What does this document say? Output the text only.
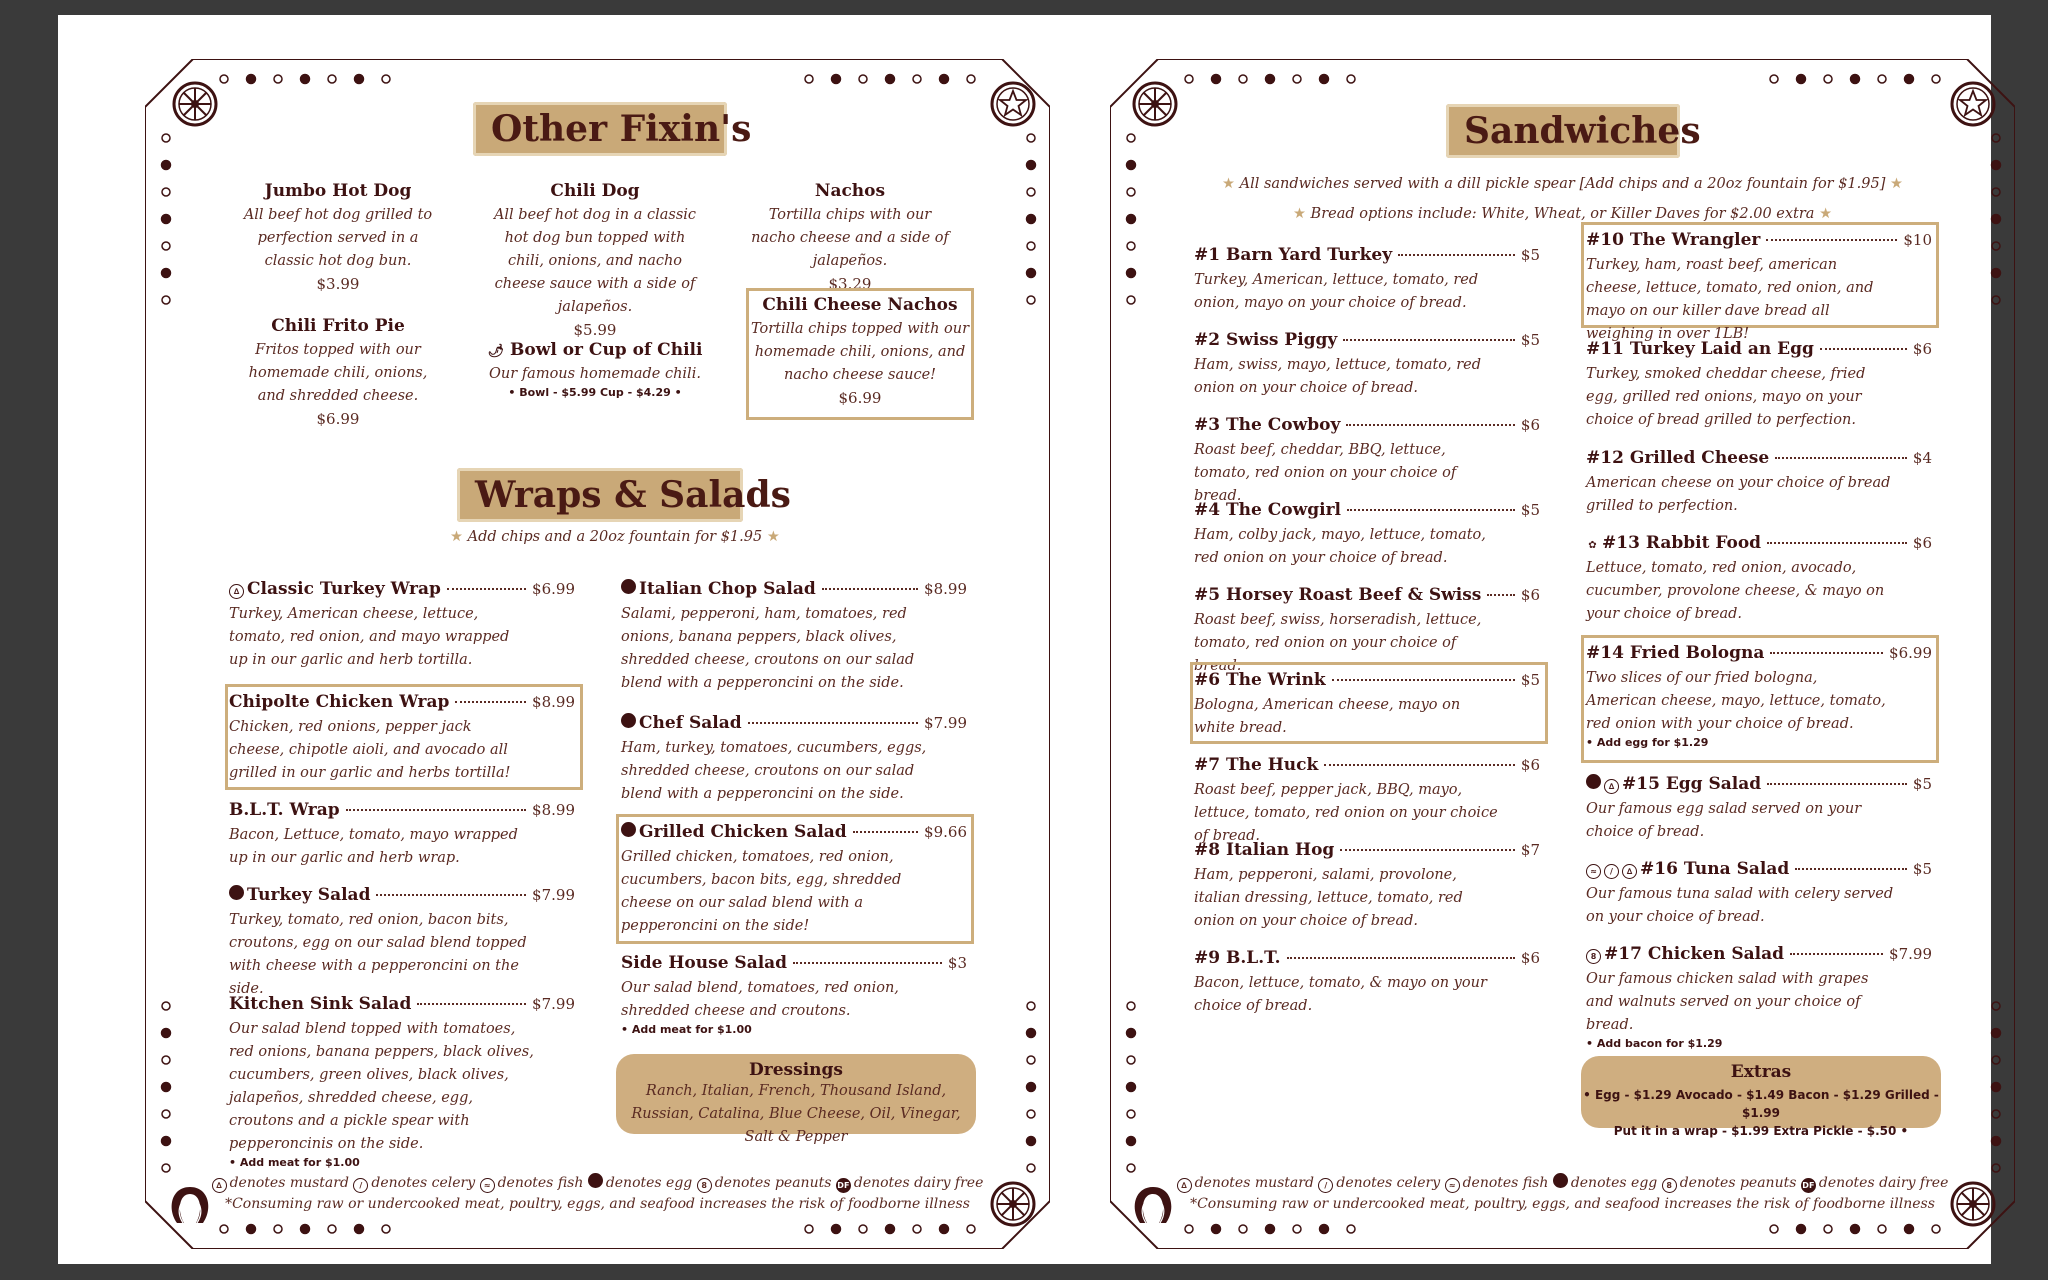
Other Fixin's
Jumbo Hot Dog
All beef hot dog grilled to perfection served in a classic hot dog bun.
$3.99
Chili Frito Pie
Fritos topped with our homemade chili, onions, and shredded cheese.
$6.99
Chili Dog
All beef hot dog in a classic hot dog bun topped with chili, onions, and nacho cheese sauce with a side of jalapeños.
$5.99
🌶 Bowl or Cup of Chili
Our famous homemade chili.
• Bowl - $5.99 Cup - $4.29 •
Nachos
Tortilla chips with our nacho cheese and a side of jalapeños.
$3.29
Chili Cheese Nachos
Tortilla chips topped with our homemade chili, onions, and nacho cheese sauce!
$6.99
Wraps & Salads
★ Add chips and a 20oz fountain for $1.95 ★
∆ Classic Turkey Wrap	$6.99
Turkey, American cheese, lettuce, tomato, red onion, and mayo wrapped up in our garlic and herb tortilla.
Chipolte Chicken Wrap	$8.99
Chicken, red onions, pepper jack cheese, chipotle aioli, and avocado all grilled in our garlic and herbs tortilla!
B.L.T. Wrap	$8.99
Bacon, Lettuce, tomato, mayo wrapped up in our garlic and herb wrap.
Turkey Salad	$7.99
Turkey, tomato, red onion, bacon bits, croutons, egg on our salad blend topped with cheese with a pepperoncini on the side.
Kitchen Sink Salad	$7.99
Our salad blend topped with tomatoes, red onions, banana peppers, black olives, cucumbers, green olives, black olives, jalapeños, shredded cheese, egg, croutons and a pickle spear with pepperoncinis on the side.
• Add meat for $1.00
Italian Chop Salad	$8.99
Salami, pepperoni, ham, tomatoes, red onions, banana peppers, black olives, shredded cheese, croutons on our salad blend with a pepperoncini on the side.
Chef Salad	$7.99
Ham, turkey, tomatoes, cucumbers, eggs, shredded cheese, croutons on our salad blend with a pepperoncini on the side.
Grilled Chicken Salad	$9.66
Grilled chicken, tomatoes, red onion, cucumbers, bacon bits, egg, shredded cheese on our salad blend with a pepperoncini on the side!
Side House Salad	$3
Our salad blend, tomatoes, red onion, shredded cheese and croutons.
• Add meat for $1.00
Dressings
Ranch, Italian, French, Thousand Island, Russian, Catalina, Blue Cheese, Oil, Vinegar, Salt & Pepper
∆ denotes mustard / denotes celery ≈ denotes fish denotes egg 8 denotes peanuts DF denotes dairy free
*Consuming raw or undercooked meat, poultry, eggs, and seafood increases the risk of foodborne illness
Sandwiches
★ All sandwiches served with a dill pickle spear [Add chips and a 20oz fountain for $1.95] ★
★ Bread options include: White, Wheat, or Killer Daves for $2.00 extra ★
#1 Barn Yard Turkey	$5
Turkey, American, lettuce, tomato, red onion, mayo on your choice of bread.
#2 Swiss Piggy	$5
Ham, swiss, mayo, lettuce, tomato, red onion on your choice of bread.
#3 The Cowboy	$6
Roast beef, cheddar, BBQ, lettuce, tomato, red onion on your choice of bread.
#4 The Cowgirl	$5
Ham, colby jack, mayo, lettuce, tomato, red onion on your choice of bread.
#5 Horsey Roast Beef & Swiss	$6
Roast beef, swiss, horseradish, lettuce, tomato, red onion on your choice of bread.
#6 The Wrink	$5
Bologna, American cheese, mayo on white bread.
#7 The Huck	$6
Roast beef, pepper jack, BBQ, mayo, lettuce, tomato, red onion on your choice of bread.
#8 Italian Hog	$7
Ham, pepperoni, salami, provolone, italian dressing, lettuce, tomato, red onion on your choice of bread.
#9 B.L.T.	$6
Bacon, lettuce, tomato, & mayo on your choice of bread.
#10 The Wrangler	$10
Turkey, ham, roast beef, american cheese, lettuce, tomato, red onion, and mayo on our killer dave bread all weighing in over 1LB!
#11 Turkey Laid an Egg	$6
Turkey, smoked cheddar cheese, fried egg, grilled red onions, mayo on your choice of bread grilled to perfection.
#12 Grilled Cheese	$4
American cheese on your choice of bread grilled to perfection.
✿ #13 Rabbit Food	$6
Lettuce, tomato, red onion, avocado, cucumber, provolone cheese, & mayo on your choice of bread.
#14 Fried Bologna	$6.99
Two slices of our fried bologna, American cheese, mayo, lettuce, tomato, red onion with your choice of bread.
• Add egg for $1.29
∆ #15 Egg Salad	$5
Our famous egg salad served on your choice of bread.
≈	/	∆ #16 Tuna Salad	$5
Our famous tuna salad with celery served on your choice of bread.
8 #17 Chicken Salad	$7.99
Our famous chicken salad with grapes and walnuts served on your choice of bread.
• Add bacon for $1.29
Extras
• Egg - $1.29 Avocado - $1.49 Bacon - $1.29 Grilled - $1.99
Put it in a wrap - $1.99 Extra Pickle - $.50 •
∆ denotes mustard / denotes celery ≈ denotes fish denotes egg 8 denotes peanuts DF denotes dairy free
*Consuming raw or undercooked meat, poultry, eggs, and seafood increases the risk of foodborne illness
